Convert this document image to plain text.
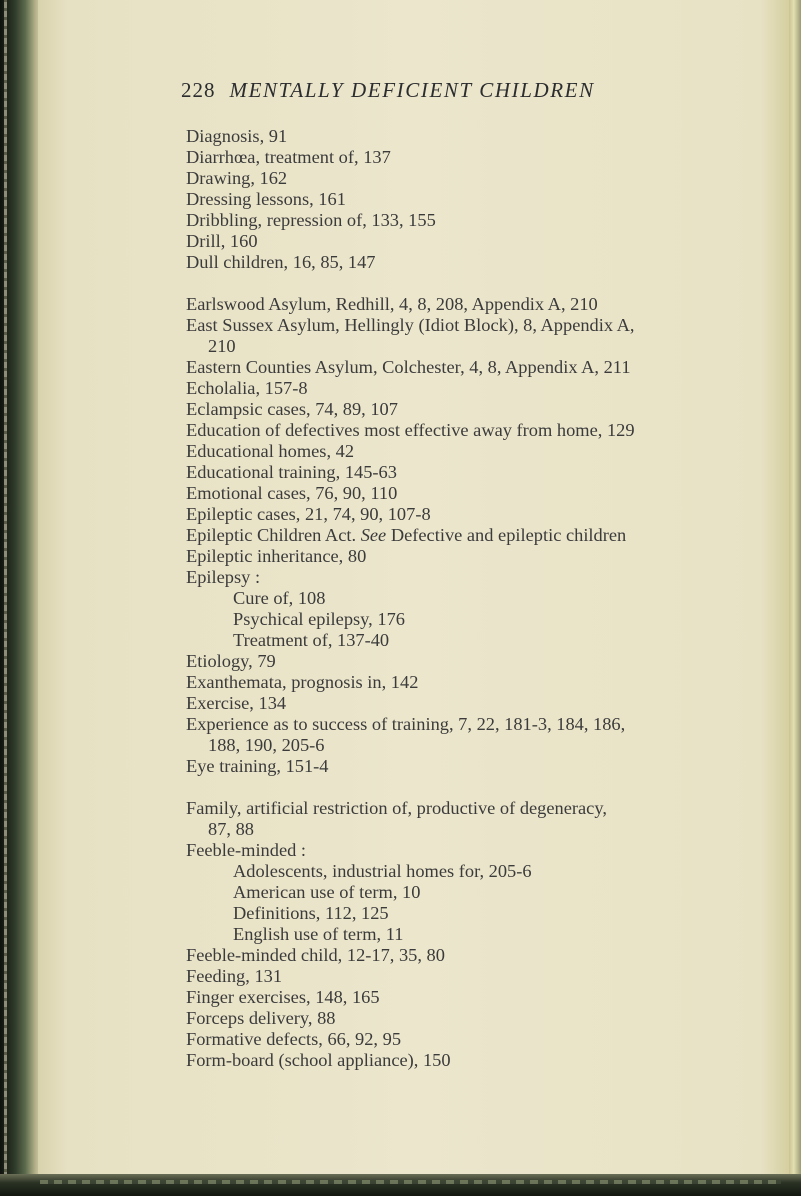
228 MENTALLY DEFICIENT CHILDREN
Diagnosis, 91
Diarrhœa, treatment of, 137
Drawing, 162
Dressing lessons, 161
Dribbling, repression of, 133, 155
Drill, 160
Dull children, 16, 85, 147
Earlswood Asylum, Redhill, 4, 8, 208, Appendix A, 210
East Sussex Asylum, Hellingly (Idiot Block), 8, Appendix A,
210
Eastern Counties Asylum, Colchester, 4, 8, Appendix A, 211
Echolalia, 157-8
Eclampsic cases, 74, 89, 107
Education of defectives most effective away from home, 129
Educational homes, 42
Educational training, 145-63
Emotional cases, 76, 90, 110
Epileptic cases, 21, 74, 90, 107-8
Epileptic Children Act. See Defective and epileptic children
Epileptic inheritance, 80
Epilepsy :
Cure of, 108
Psychical epilepsy, 176
Treatment of, 137-40
Etiology, 79
Exanthemata, prognosis in, 142
Exercise, 134
Experience as to success of training, 7, 22, 181-3, 184, 186,
188, 190, 205-6
Eye training, 151-4
Family, artificial restriction of, productive of degeneracy,
87, 88
Feeble-minded :
Adolescents, industrial homes for, 205-6
American use of term, 10
Definitions, 112, 125
English use of term, 11
Feeble-minded child, 12-17, 35, 80
Feeding, 131
Finger exercises, 148, 165
Forceps delivery, 88
Formative defects, 66, 92, 95
Form-board (school appliance), 150
